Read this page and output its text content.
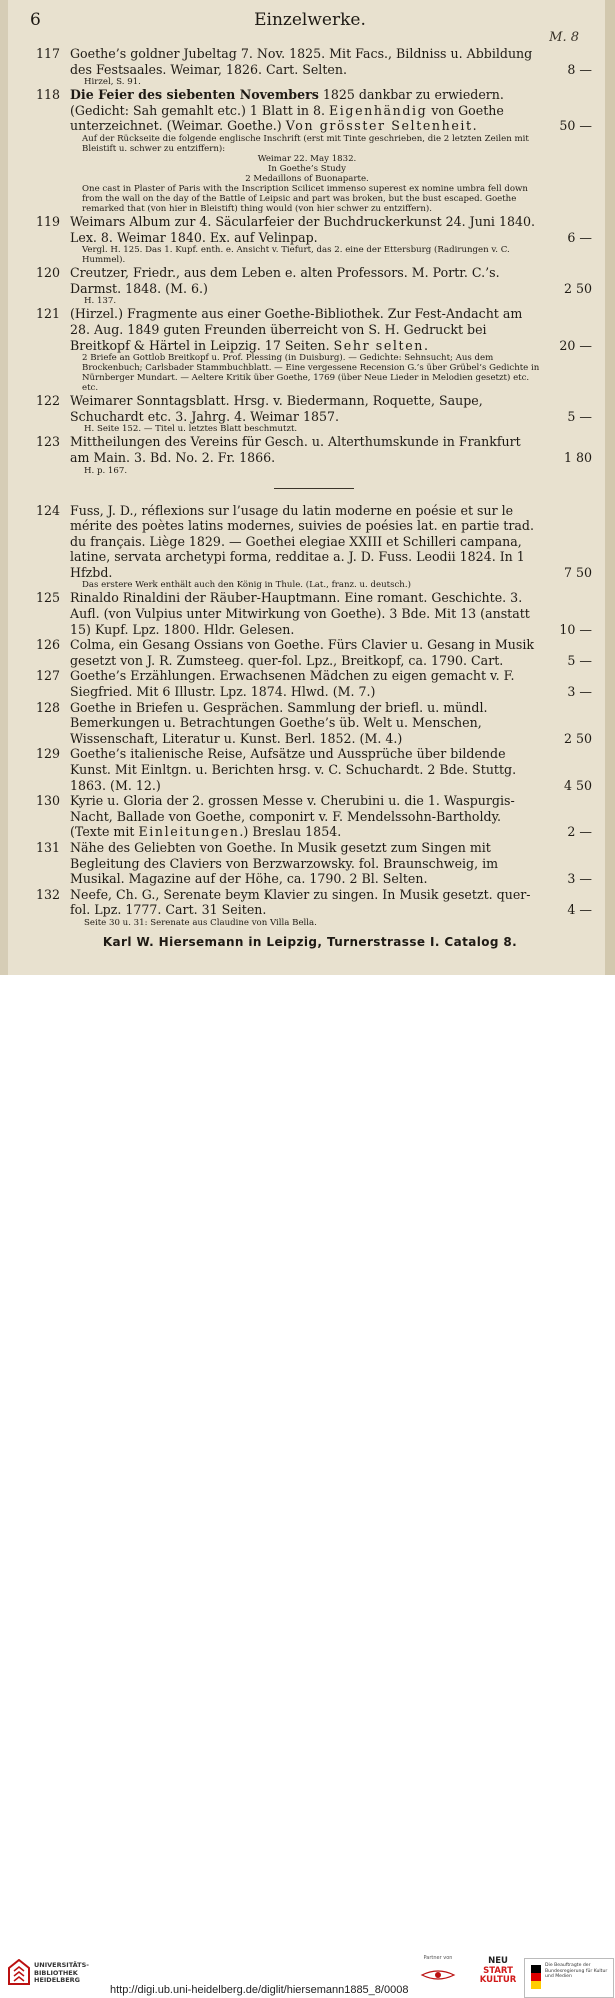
6	Einzelwerke.
M. 8
117 Goethe’s goldner Jubeltag 7. Nov. 1825. Mit Facs., Bildniss u. Abbildung des Festsaales. Weimar, 1826. Cart. Selten.	8 —
Hirzel, S. 91.
118 Die Feier des siebenten Novembers 1825 dankbar zu erwiedern. (Gedicht: Sah gemahlt etc.) 1 Blatt in 8. Eigenhändig von Goethe unterzeichnet. (Weimar. Goethe.) Von grösster Seltenheit.	50 —
Auf der Rückseite die folgende englische Inschrift (erst mit Tinte geschrieben, die 2 letzten Zeilen mit Bleistift u. schwer zu entziffern):
Weimar 22. May 1832.
In Goethe’s Study
2 Medaillons of Buonaparte.
One cast in Plaster of Paris with the Inscription Scilicet immenso superest ex nomine umbra fell down from the wall on the day of the Battle of Leipsic and part was broken, but the bust escaped. Goethe remarked that (von hier in Bleistift) thing would (von hier schwer zu entziffern).
119 Weimars Album zur 4. Säcularfeier der Buchdruckerkunst 24. Juni 1840. Lex. 8. Weimar 1840. Ex. auf Velinpap.	6 —
Vergl. H. 125. Das 1. Kupf. enth. e. Ansicht v. Tiefurt, das 2. eine der Ettersburg (Radirungen v. C. Hummel).
120 Creutzer, Friedr., aus dem Leben e. alten Professors. M. Portr. C.’s. Darmst. 1848. (M. 6.)	2 50
H. 137.
121 (Hirzel.) Fragmente aus einer Goethe-Bibliothek. Zur Fest-Andacht am 28. Aug. 1849 guten Freunden überreicht von S. H. Gedruckt bei Breitkopf & Härtel in Leipzig. 17 Seiten. Sehr selten.	20 —
2 Briefe an Gottlob Breitkopf u. Prof. Plessing (in Duisburg). — Gedichte: Sehnsucht; Aus dem Brockenbuch; Carlsbader Stammbuchblatt. — Eine vergessene Recension G.’s über Grübel’s Gedichte in Nürnberger Mundart. — Aeltere Kritik über Goethe, 1769 (über Neue Lieder in Melodien gesetzt) etc. etc.
122 Weimarer Sonntagsblatt. Hrsg. v. Biedermann, Roquette, Saupe, Schuchardt etc. 3. Jahrg. 4. Weimar 1857.	5 —
H. Seite 152. — Titel u. letztes Blatt beschmutzt.
123 Mittheilungen des Vereins für Gesch. u. Alterthumskunde in Frankfurt am Main. 3. Bd. No. 2. Fr. 1866.	1 80
H. p. 167.
124 Fuss, J. D., réflexions sur l’usage du latin moderne en poésie et sur le mérite des poètes latins modernes, suivies de poésies lat. en partie trad. du français. Liège 1829. — Goethei elegiae XXIII et Schilleri campana, latine, servata archetypi forma, redditae a. J. D. Fuss. Leodii 1824. In 1 Hfzbd.	7 50
Das erstere Werk enthält auch den König in Thule. (Lat., franz. u. deutsch.)
125 Rinaldo Rinaldini der Räuber-Hauptmann. Eine romant. Geschichte. 3. Aufl. (von Vulpius unter Mitwirkung von Goethe). 3 Bde. Mit 13 (anstatt 15) Kupf. Lpz. 1800. Hldr. Gelesen.	10 —
126 Colma, ein Gesang Ossians von Goethe. Fürs Clavier u. Gesang in Musik gesetzt von J. R. Zumsteeg. quer-fol. Lpz., Breitkopf, ca. 1790. Cart.	5 —
127 Goethe’s Erzählungen. Erwachsenen Mädchen zu eigen gemacht v. F. Siegfried. Mit 6 Illustr. Lpz. 1874. Hlwd. (M. 7.)	3 —
128 Goethe in Briefen u. Gesprächen. Sammlung der briefl. u. mündl. Bemerkungen u. Betrachtungen Goethe’s üb. Welt u. Menschen, Wissenschaft, Literatur u. Kunst. Berl. 1852. (M. 4.)	2 50
129 Goethe’s italienische Reise, Aufsätze und Aussprüche über bildende Kunst. Mit Einltgn. u. Berichten hrsg. v. C. Schuchardt. 2 Bde. Stuttg. 1863. (M. 12.)	4 50
130 Kyrie u. Gloria der 2. grossen Messe v. Cherubini u. die 1. Waspurgis-Nacht, Ballade von Goethe, componirt v. F. Mendelssohn-Bartholdy. (Texte mit Einleitungen.) Breslau 1854.	2 —
131 Nähe des Geliebten von Goethe. In Musik gesetzt zum Singen mit Begleitung des Claviers von Berzwarzowsky. fol. Braunschweig, im Musikal. Magazine auf der Höhe, ca. 1790. 2 Bl. Selten.	3 —
132 Neefe, Ch. G., Serenate beym Klavier zu singen. In Musik gesetzt. quer-fol. Lpz. 1777. Cart. 31 Seiten.	4 —
Seite 30 u. 31: Serenate aus Claudine von Villa Bella.
Karl W. Hiersemann in Leipzig, Turnerstrasse I. Catalog 8.
UNIVERSITÄTS-
BIBLIOTHEK
HEIDELBERG
http://digi.ub.uni-heidelberg.de/diglit/hiersemann1885_8/0008
Partner von	NEU
START
KULTUR
Die Beauftragte der Bundesregierung für Kultur und Medien
